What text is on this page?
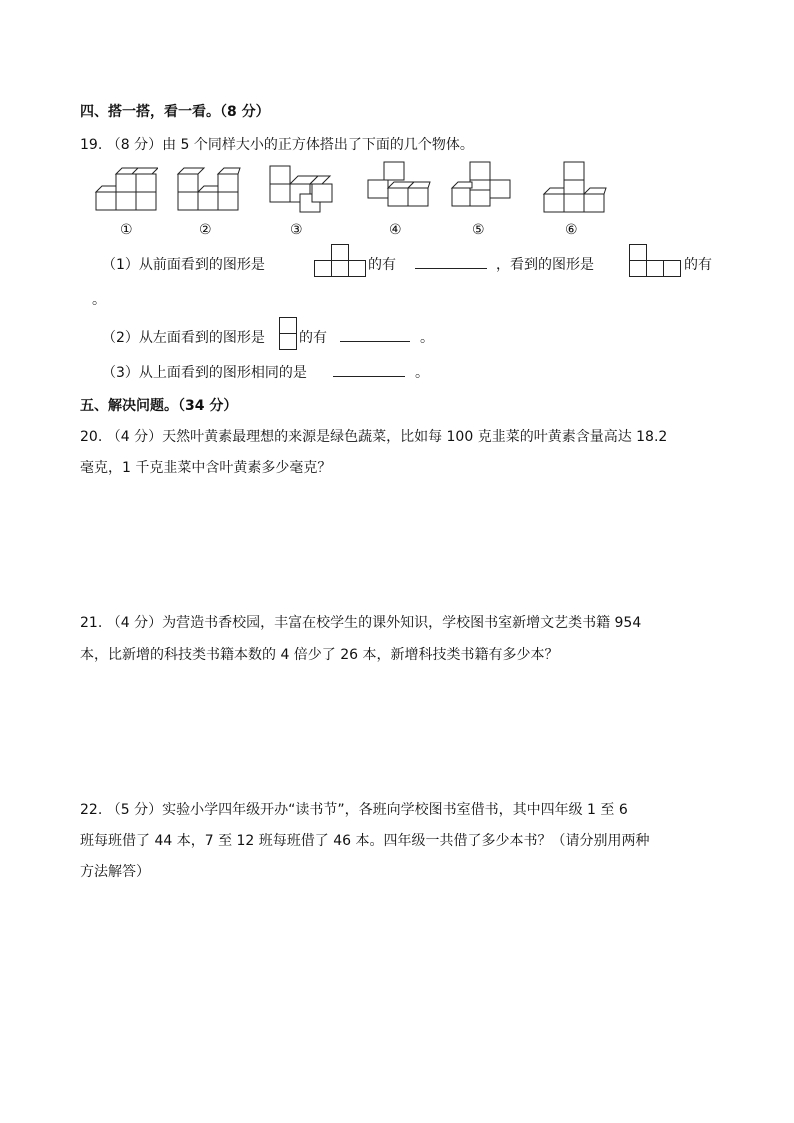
四、搭一搭，看一看。（8 分）
19. （8 分）由 5 个同样大小的正方体搭出了下面的几个物体。
①	②	③	④	⑤	⑥
（1）从前面看到的图形是	的有	，看到的图形是	的有
。
（2）从左面看到的图形是 的有	。
（3）从上面看到的图形相同的是	。
五、解决问题。（34 分）
20. （4 分）天然叶黄素最理想的来源是绿色蔬菜，比如每 100 克韭菜的叶黄素含量高达 18.2
毫克，1 千克韭菜中含叶黄素多少毫克？
21. （4 分）为营造书香校园，丰富在校学生的课外知识，学校图书室新增文艺类书籍 954
本，比新增的科技类书籍本数的 4 倍少了 26 本，新增科技类书籍有多少本？
22. （5 分）实验小学四年级开办“读书节”，各班向学校图书室借书，其中四年级 1 至 6
班每班借了 44 本，7 至 12 班每班借了 46 本。四年级一共借了多少本书？（请分别用两种
方法解答）
